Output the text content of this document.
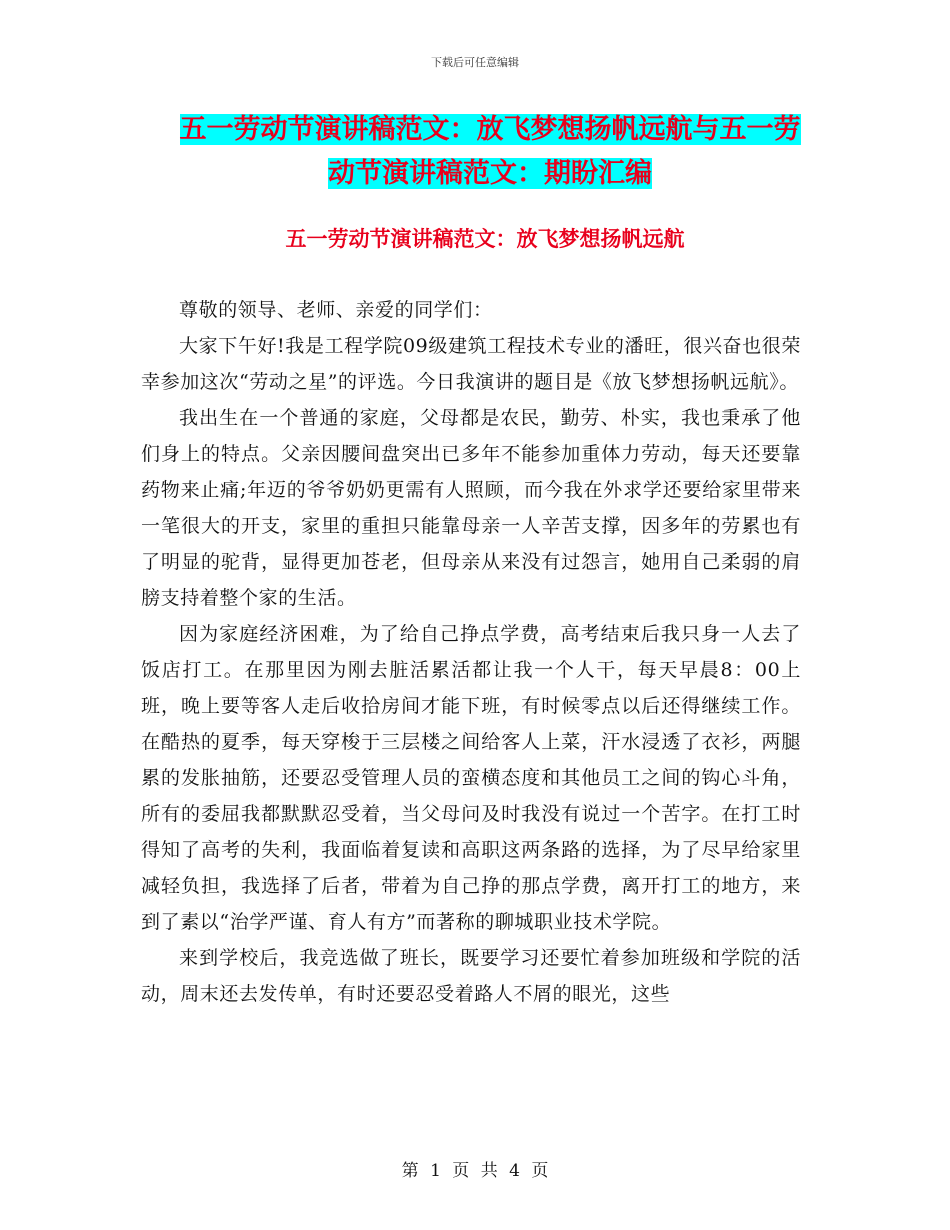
下载后可任意编辑
五一劳动节演讲稿范文：放飞梦想扬帆远航与五一劳
动节演讲稿范文：期盼汇编
五一劳动节演讲稿范文：放飞梦想扬帆远航

尊敬的领导、老师、亲爱的同学们：

大家下午好!我是工程学院09级建筑工程技术专业的潘旺，很兴奋也很荣幸参加这次“劳动之星”的评选。今日我演讲的题目是《放飞梦想扬帆远航》。

我出生在一个普通的家庭，父母都是农民，勤劳、朴实，我也秉承了他们身上的特点。父亲因腰间盘突出已多年不能参加重体力劳动，每天还要靠药物来止痛;年迈的爷爷奶奶更需有人照顾，而今我在外求学还要给家里带来一笔很大的开支，家里的重担只能靠母亲一人辛苦支撑，因多年的劳累也有了明显的驼背，显得更加苍老，但母亲从来没有过怨言，她用自己柔弱的肩膀支持着整个家的生活。

因为家庭经济困难，为了给自己挣点学费，高考结束后我只身一人去了饭店打工。在那里因为刚去脏活累活都让我一个人干，每天早晨8：00上班，晚上要等客人走后收拾房间才能下班，有时候零点以后还得继续工作。在酷热的夏季，每天穿梭于三层楼之间给客人上菜，汗水浸透了衣衫，两腿累的发胀抽筋，还要忍受管理人员的蛮横态度和其他员工之间的钩心斗角，所有的委屈我都默默忍受着，当父母问及时我没有说过一个苦字。在打工时得知了高考的失利，我面临着复读和高职这两条路的选择，为了尽早给家里减轻负担，我选择了后者，带着为自己挣的那点学费，离开打工的地方，来到了素以“治学严谨、育人有方”而著称的聊城职业技术学院。

来到学校后，我竞选做了班长，既要学习还要忙着参加班级和学院的活动，周末还去发传单，有时还要忍受着路人不屑的眼光，这些

第 1 页 共 4 页
